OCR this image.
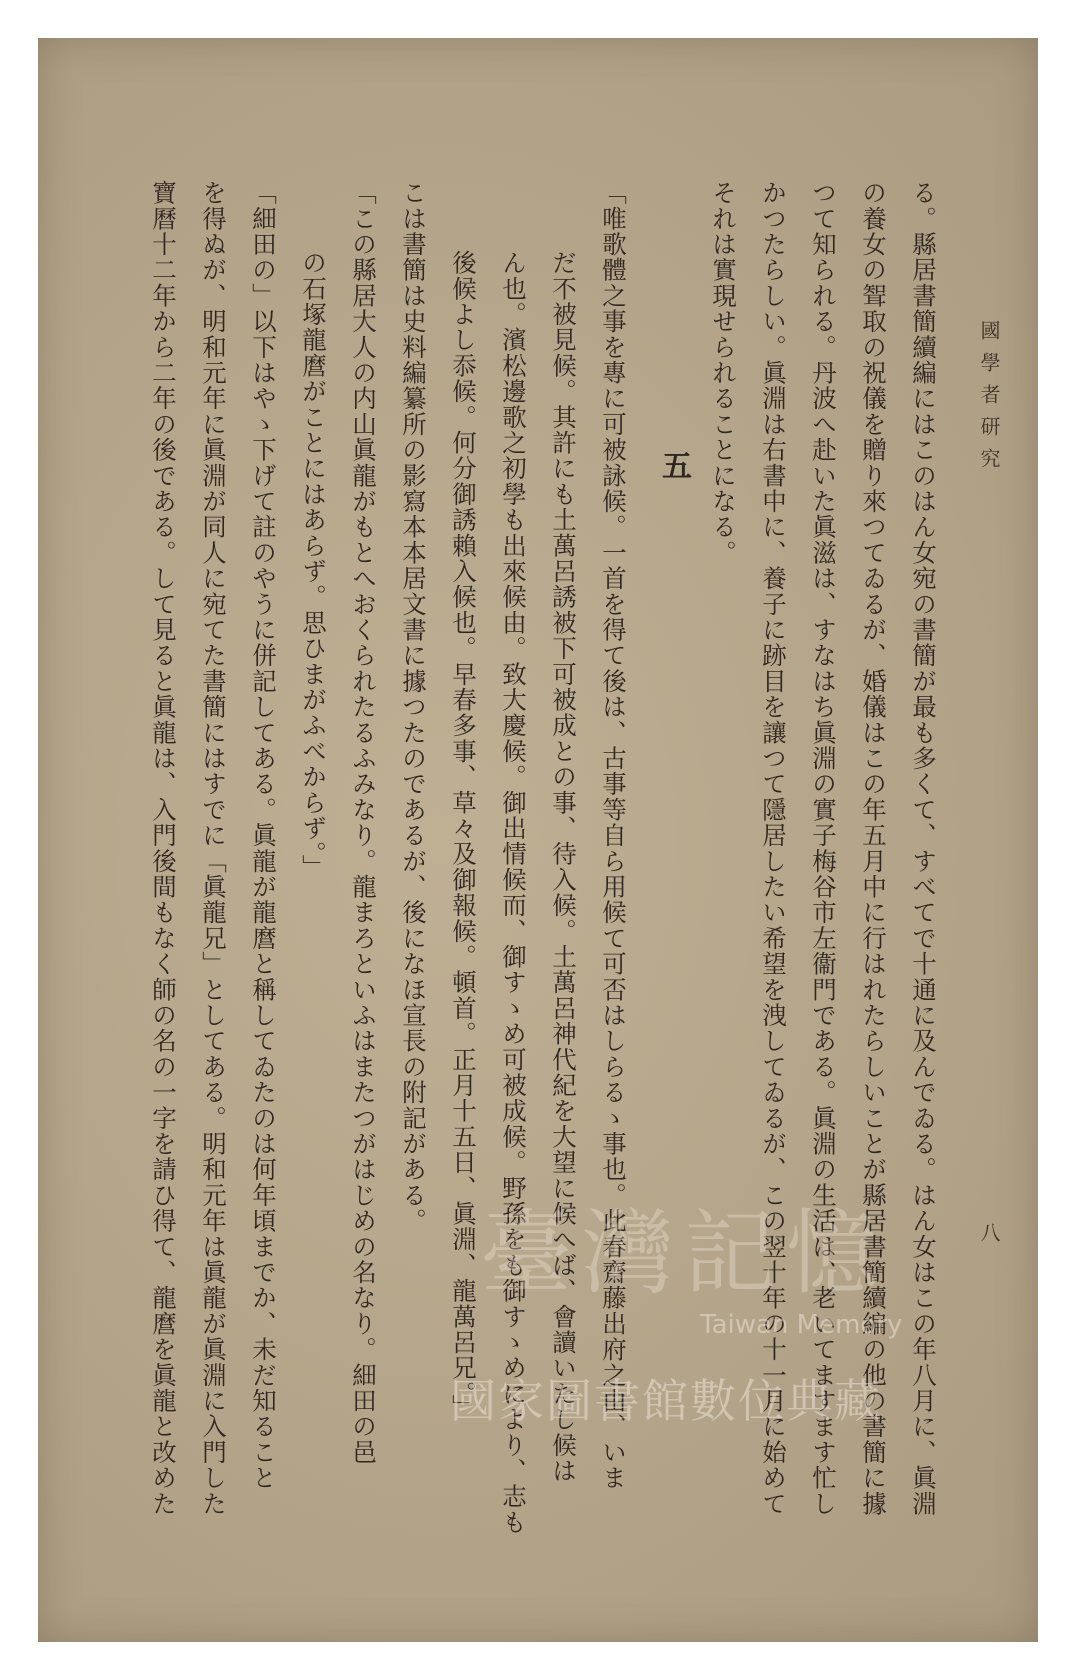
國學者研究
八
る。縣居書簡續編にはこのはん女宛の書簡が最も多くて、すべてで十通に及んでゐる。はん女はこの年八月に、眞淵
の養女の聟取の祝儀を贈り來つてゐるが、婚儀はこの年五月中に行はれたらしいことが縣居書簡續編の他の書簡に據
つて知られる。丹波へ赴いた眞滋は、すなはち眞淵の實子梅谷市左衞門である。眞淵の生活は、老いてますます忙し
かつたらしい。眞淵は右書中に、養子に跡目を讓つて隱居したい希望を洩してゐるが、この翌十年の十一月に始めて
それは實現せられることになる。
五
「唯歌體之事を專に可被詠候。一首を得て後は、古事等自ら用候て可否はしらるゝ事也。此春齋藤出府之由、いま
だ不被見候。其許にも土萬呂誘被下可被成との事、待入候。土萬呂神代紀を大望に候へば、會讀いたし候は
ん也。濱松邊歌之初學も出來候由。致大慶候。御出情候而、御すゝめ可被成候。野孫をも御すゝめにより、志も
後候よし忝候。何分御誘賴入候也。早春多事、草々及御報候。頓首。正月十五日、眞淵、龍萬呂兄。」
こは書簡は史料編纂所の影寫本本居文書に據つたのであるが、後になほ宣長の附記がある。
「この縣居大人の内山眞龍がもとへおくられたるふみなり。龍まろといふはまたつがはじめの名なり。細田の邑
の石塚龍麿がことにはあらず。思ひまがふべからず。」
「細田の」以下はやゝ下げて註のやうに併記してある。眞龍が龍麿と稱してゐたのは何年頃までか、未だ知ること
を得ぬが、明和元年に眞淵が同人に宛てた書簡にはすでに「眞龍兄」としてある。明和元年は眞龍が眞淵に入門した
寶曆十二年から二年の後である。して見ると眞龍は、入門後間もなく師の名の一字を請ひ得て、龍麿を眞龍と改めた	臺灣記憶
Taiwan Memory
國家圖書館數位典藏
